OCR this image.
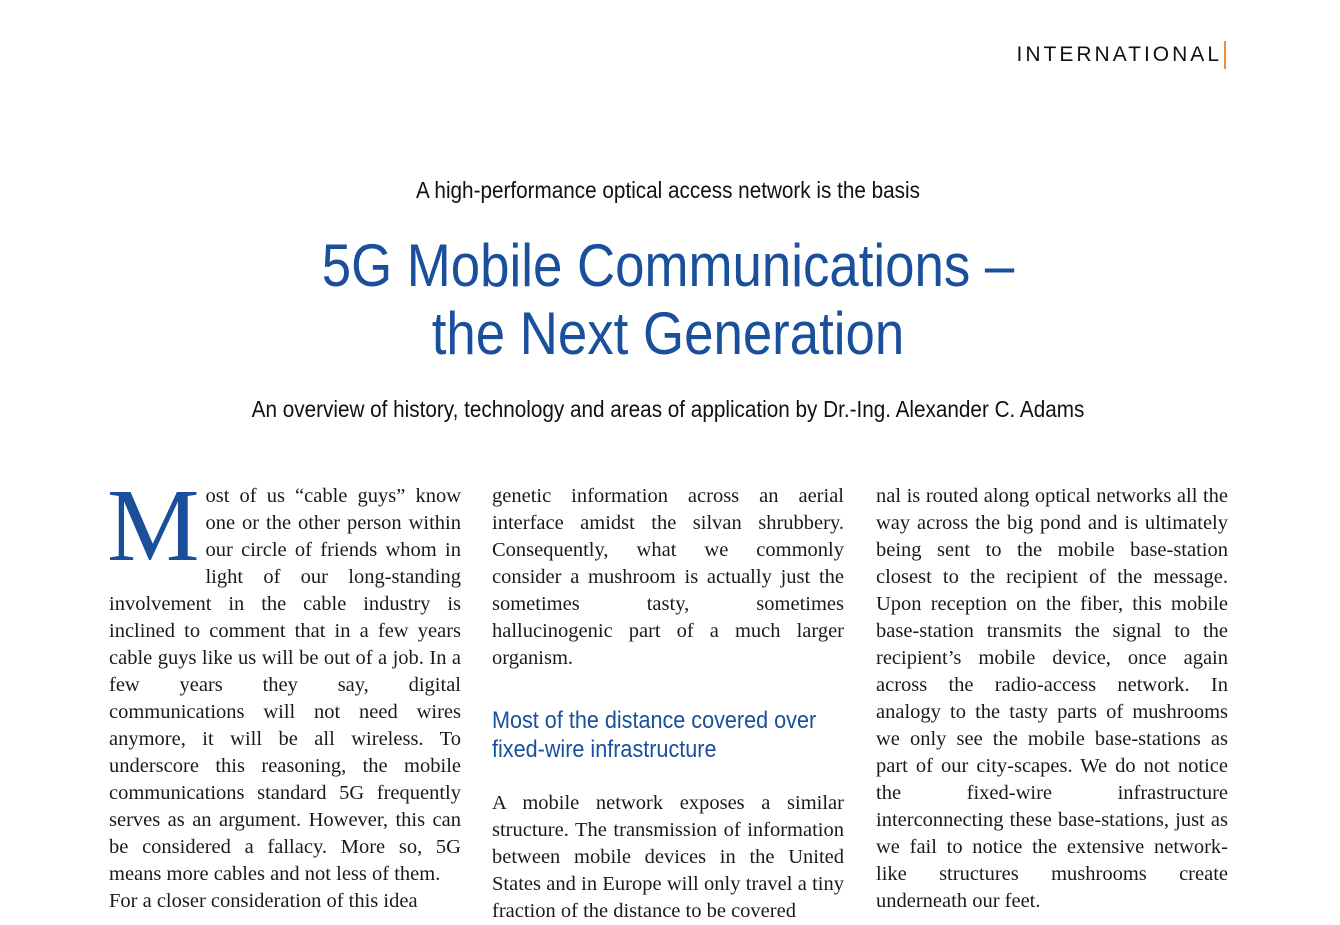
INTERNATIONAL
A high-performance optical access network is the basis
5G Mobile Communications –
the Next Generation
An overview of history, technology and areas of application by Dr.-Ing. Alexander C. Adams

Most of us “cable guys” know one or the other person within our circle of friends whom in light of our long-standing involvement in the cable industry is inclined to comment that in a few years cable guys like us will be out of a job. In a few years they say, digital communications will not need wires anymore, it will be all wireless. To underscore this reasoning, the mobile communications standard 5G frequently serves as an argument. However, this can be considered a fallacy. More so, 5G means more cables and not less of them.

For a closer consideration of this idea

genetic information across an aerial interface amidst the silvan shrubbery. Consequently, what we commonly consider a mushroom is actually just the sometimes tasty, sometimes hallucinogenic part of a much larger organism.

Most of the distance covered over fixed-wire infrastructure

A mobile network exposes a similar structure. The transmission of information between mobile devices in the United States and in Europe will only travel a tiny fraction of the distance to be covered

nal is routed along optical networks all the way across the big pond and is ultimately being sent to the mobile base-station closest to the recipient of the message. Upon reception on the fiber, this mobile base-station transmits the signal to the recipient’s mobile device, once again across the radio-access network. In analogy to the tasty parts of mushrooms we only see the mobile base-stations as part of our city-scapes. We do not notice the fixed-wire infrastructure interconnecting these base-stations, just as we fail to notice the extensive network-like structures mushrooms create underneath our feet.
